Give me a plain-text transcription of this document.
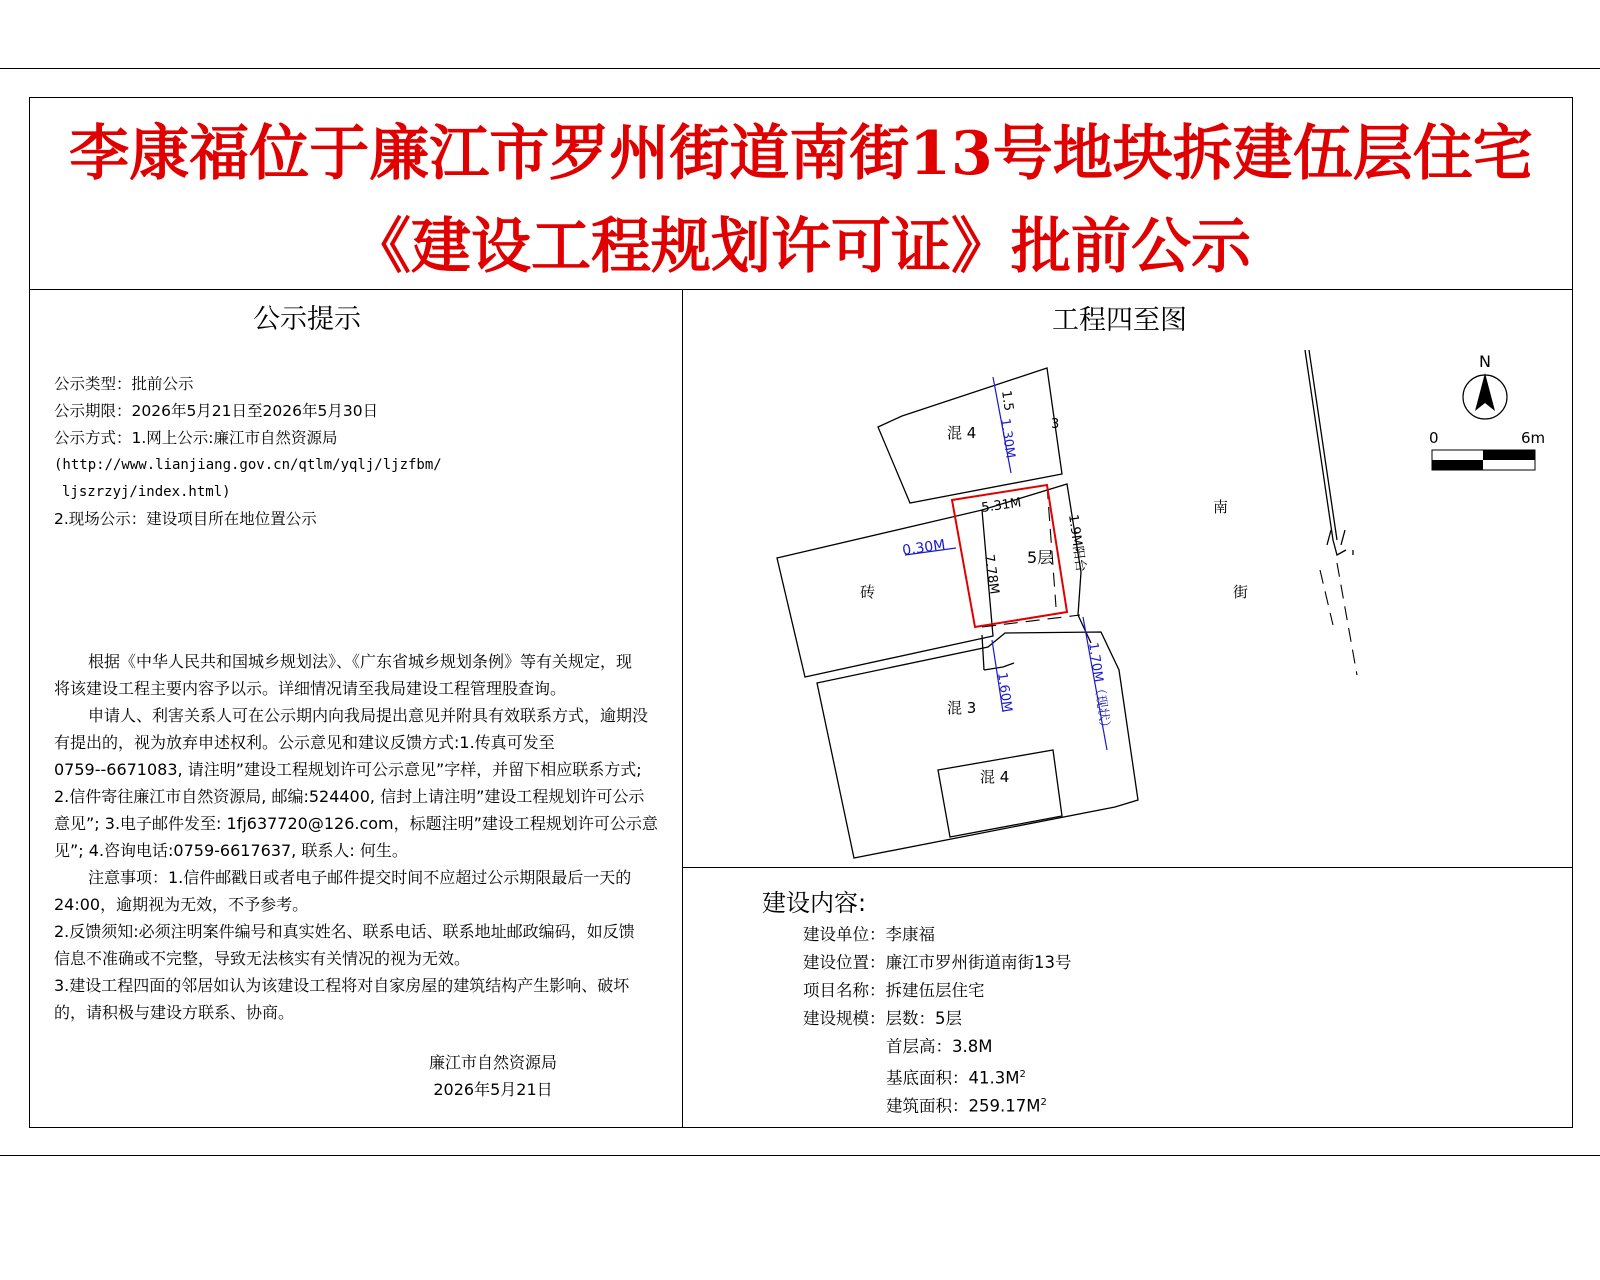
李康福位于廉江市罗州街道南街13号地块拆建伍层住宅
《建设工程规划许可证》批前公示
公示提示
公示类型：批前公示
公示期限：2026年5月21日至2026年5月30日
公示方式：1.网上公示:廉江市自然资源局
(http://www.lianjiang.gov.cn/qtlm/yqlj/ljzfbm/
ljszrzyj/index.html)
2.现场公示：建设项目所在地位置公示
根据《中华人民共和国城乡规划法》、《广东省城乡规划条例》等有关规定，现
将该建设工程主要内容予以示。详细情况请至我局建设工程管理股查询。
申请人、利害关系人可在公示期内向我局提出意见并附具有效联系方式，逾期没
有提出的，视为放弃申述权利。公示意见和建议反馈方式:1.传真可发至
0759--6671083, 请注明”建设工程规划许可公示意见”字样，并留下相应联系方式;
2.信件寄往廉江市自然资源局, 邮编:524400, 信封上请注明”建设工程规划许可公示
意见”; 3.电子邮件发至: 1fj637720@126.com，标题注明”建设工程规划许可公示意
见”; 4.咨询电话:0759-6617637, 联系人: 何生。
注意事项：1.信件邮戳日或者电子邮件提交时间不应超过公示期限最后一天的
24:00，逾期视为无效，不予参考。
2.反馈须知:必须注明案件编号和真实姓名、联系电话、联系地址邮政编码，如反馈
信息不准确或不完整，导致无法核实有关情况的视为无效。
3.建设工程四面的邻居如认为该建设工程将对自家房屋的建筑结构产生影响、破坏
的，请积极与建设方联系、协商。
廉江市自然资源局
2026年5月21日
工程四至图
混 4
混 3
混 4
砖
5层
南
街
3
5.31M
0.30M
7.78M
1.9M阳台
1.30M
1.5
1.60M	1.70M（现状）
N
0	6m
建设内容:
建设单位：李康福
建设位置：廉江市罗州街道南街13号
项目名称：拆建伍层住宅
建设规模：层数：5层
首层高：3.8M
基底面积：$41.3M^2$
建筑面积：$259.17M^2$
